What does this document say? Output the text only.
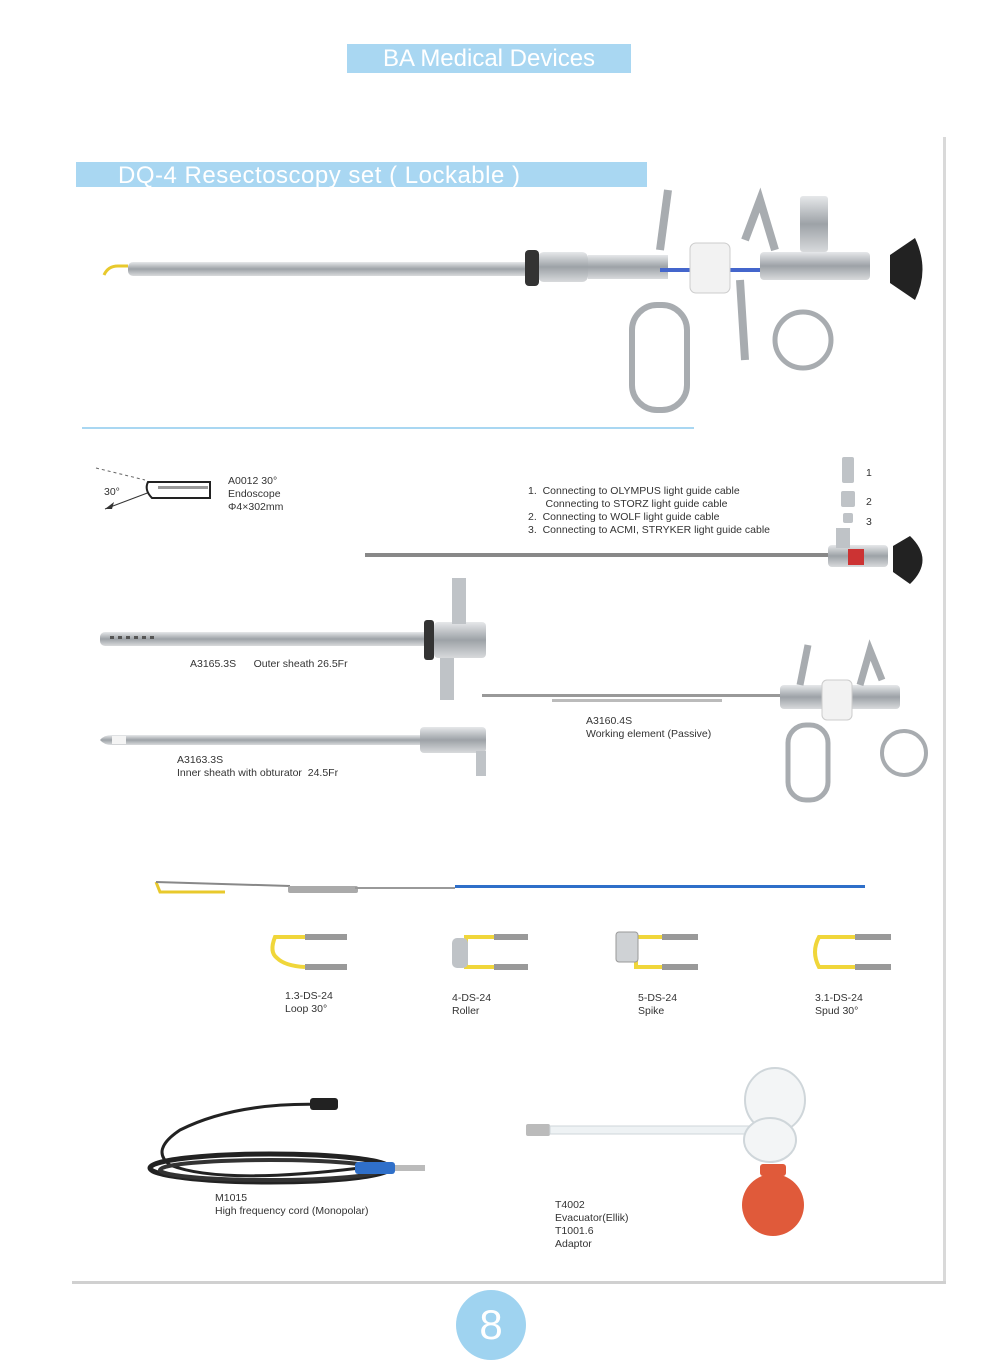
BA Medical Devices
DQ-4 Resectoscopy set ( Lockable )
30°
A0012 30°
Endoscope
Φ4×302mm
1.  Connecting to OLYMPUS light guide cable
Connecting to STORZ light guide cable
2.  Connecting to WOLF light guide cable
3.  Connecting to ACMI, STRYKER light guide cable
1
2
3
A3165.3S      Outer sheath 26.5Fr
A3160.4S
Working element (Passive)
A3163.3S
Inner sheath with obturator  24.5Fr
1.3-DS-24
Loop 30°
4-DS-24
Roller
5-DS-24
Spike
3.1-DS-24
Spud 30°
M1015
High frequency cord (Monopolar)	T4002
Evacuator(Ellik)
T1001.6
Adaptor
8
